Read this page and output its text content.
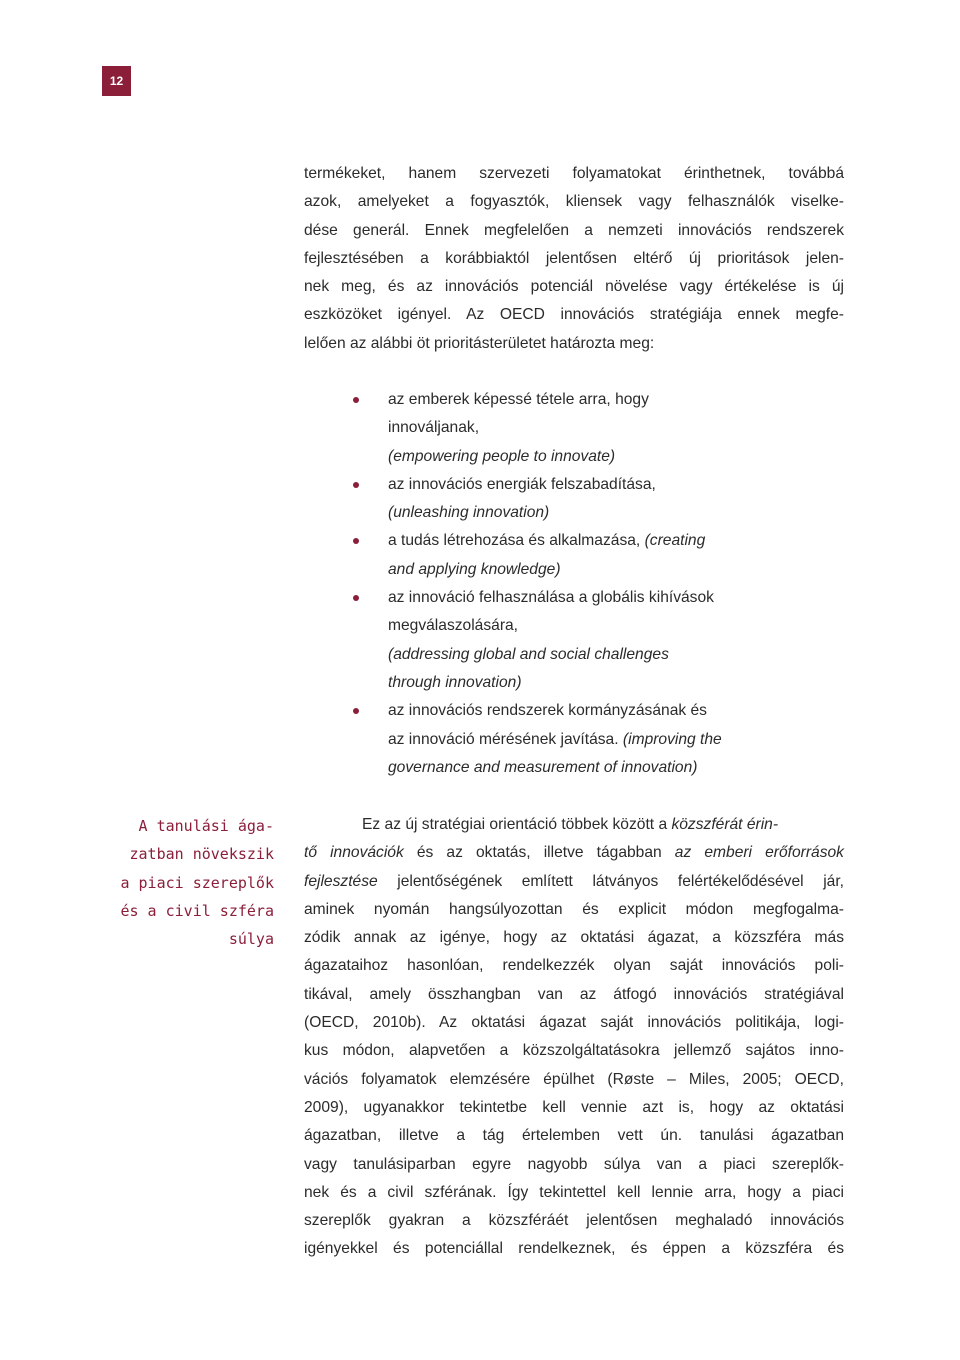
12
termékeket, hanem szervezeti folyamatokat érinthetnek, továbbá
azok, amelyeket a fogyasztók, kliensek vagy felhasználók viselke-
dése generál. Ennek megfelelően a nemzeti innovációs rendszerek
fejlesztésében a korábbiaktól jelentősen eltérő új prioritások jelen-
nek meg, és az innovációs potenciál növelése vagy értékelése is új
eszközöket igényel. Az OECD innovációs stratégiája ennek megfe-
lelően az alábbi öt prioritásterületet határozta meg:
az emberek képessé tétele arra, hogy
innováljanak,
(empowering people to innovate)
az innovációs energiák felszabadítása,
(unleashing innovation)
a tudás létrehozása és alkalmazása, (creating
and applying knowledge)
az innováció felhasználása a globális kihívások
megválaszolására,
(addressing global and social challenges
through innovation)
az innovációs rendszerek kormányzásának és
az innováció mérésének javítása. (improving the
governance and measurement of innovation)
A tanulási ága-
zatban növekszik
a piaci szereplők
és a civil szféra
súlya
Ez az új stratégiai orientáció többek között a közszférát érin-
tő innovációk és az oktatás, illetve tágabban az emberi erőforrások
fejlesztése jelentőségének említett látványos felértékelődésével jár,
aminek nyomán hangsúlyozottan és explicit módon megfogalma-
zódik annak az igénye, hogy az oktatási ágazat, a közszféra más
ágazataihoz hasonlóan, rendelkezzék olyan saját innovációs poli-
tikával, amely összhangban van az átfogó innovációs stratégiával
(OECD, 2010b). Az oktatási ágazat saját innovációs politikája, logi-
kus módon, alapvetően a közszolgáltatásokra jellemző sajátos inno-
vációs folyamatok elemzésére épülhet (Røste – Miles, 2005; OECD,
2009), ugyanakkor tekintetbe kell vennie azt is, hogy az oktatási
ágazatban, illetve a tág értelemben vett ún. tanulási ágazatban
vagy tanulásiparban egyre nagyobb súlya van a piaci szereplők-
nek és a civil szférának. Így tekintettel kell lennie arra, hogy a piaci
szereplők gyakran a közszféráét jelentősen meghaladó innovációs
igényekkel és potenciállal rendelkeznek, és éppen a közszféra és
